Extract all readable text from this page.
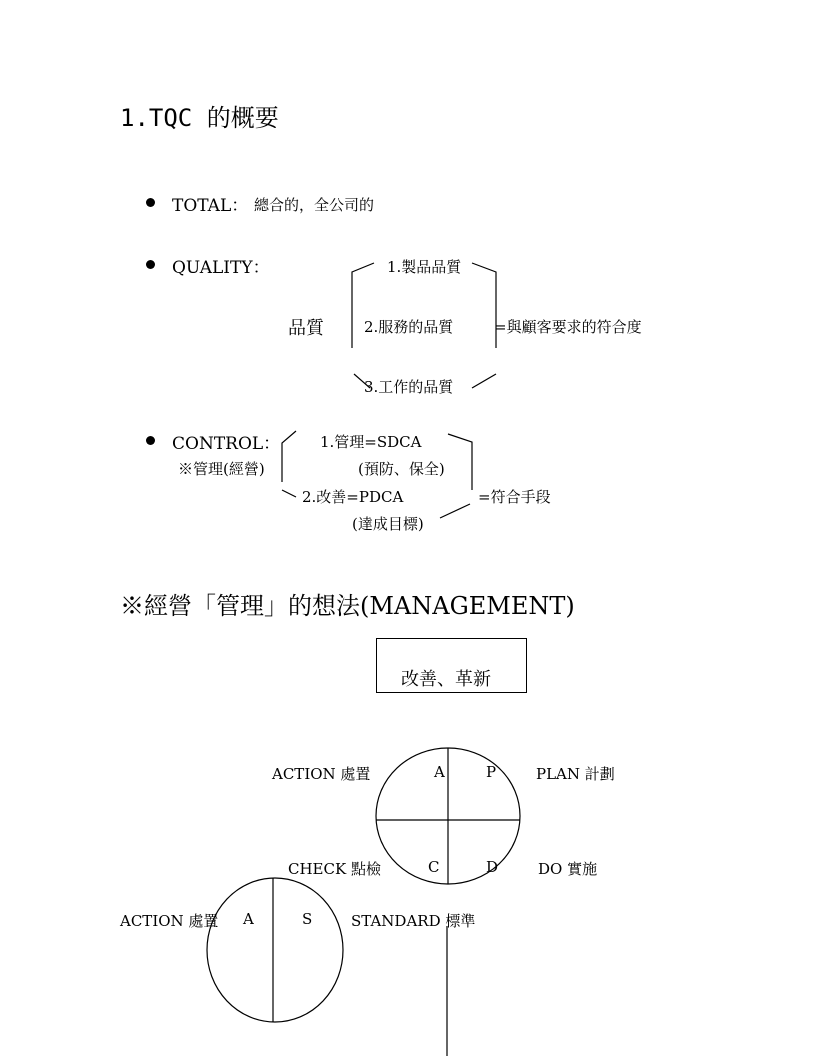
1.TQC 的概要
TOTAL： 總合的，全公司的
QUALITY：
品質
1.製品品質
2.服務的品質
3.工作的品質
=與顧客要求的符合度
CONTROL：
※管理(經營)
1.管理=SDCA
(預防、保全)
2.改善=PDCA
(達成目標)
=符合手段
※經營「管理」的想法(MANAGEMENT)
改善、革新
ACTION 處置	PLAN 計劃
CHECK 點檢	DO 實施
A	P
C	D
ACTION 處置	STANDARD 標準
A	S
